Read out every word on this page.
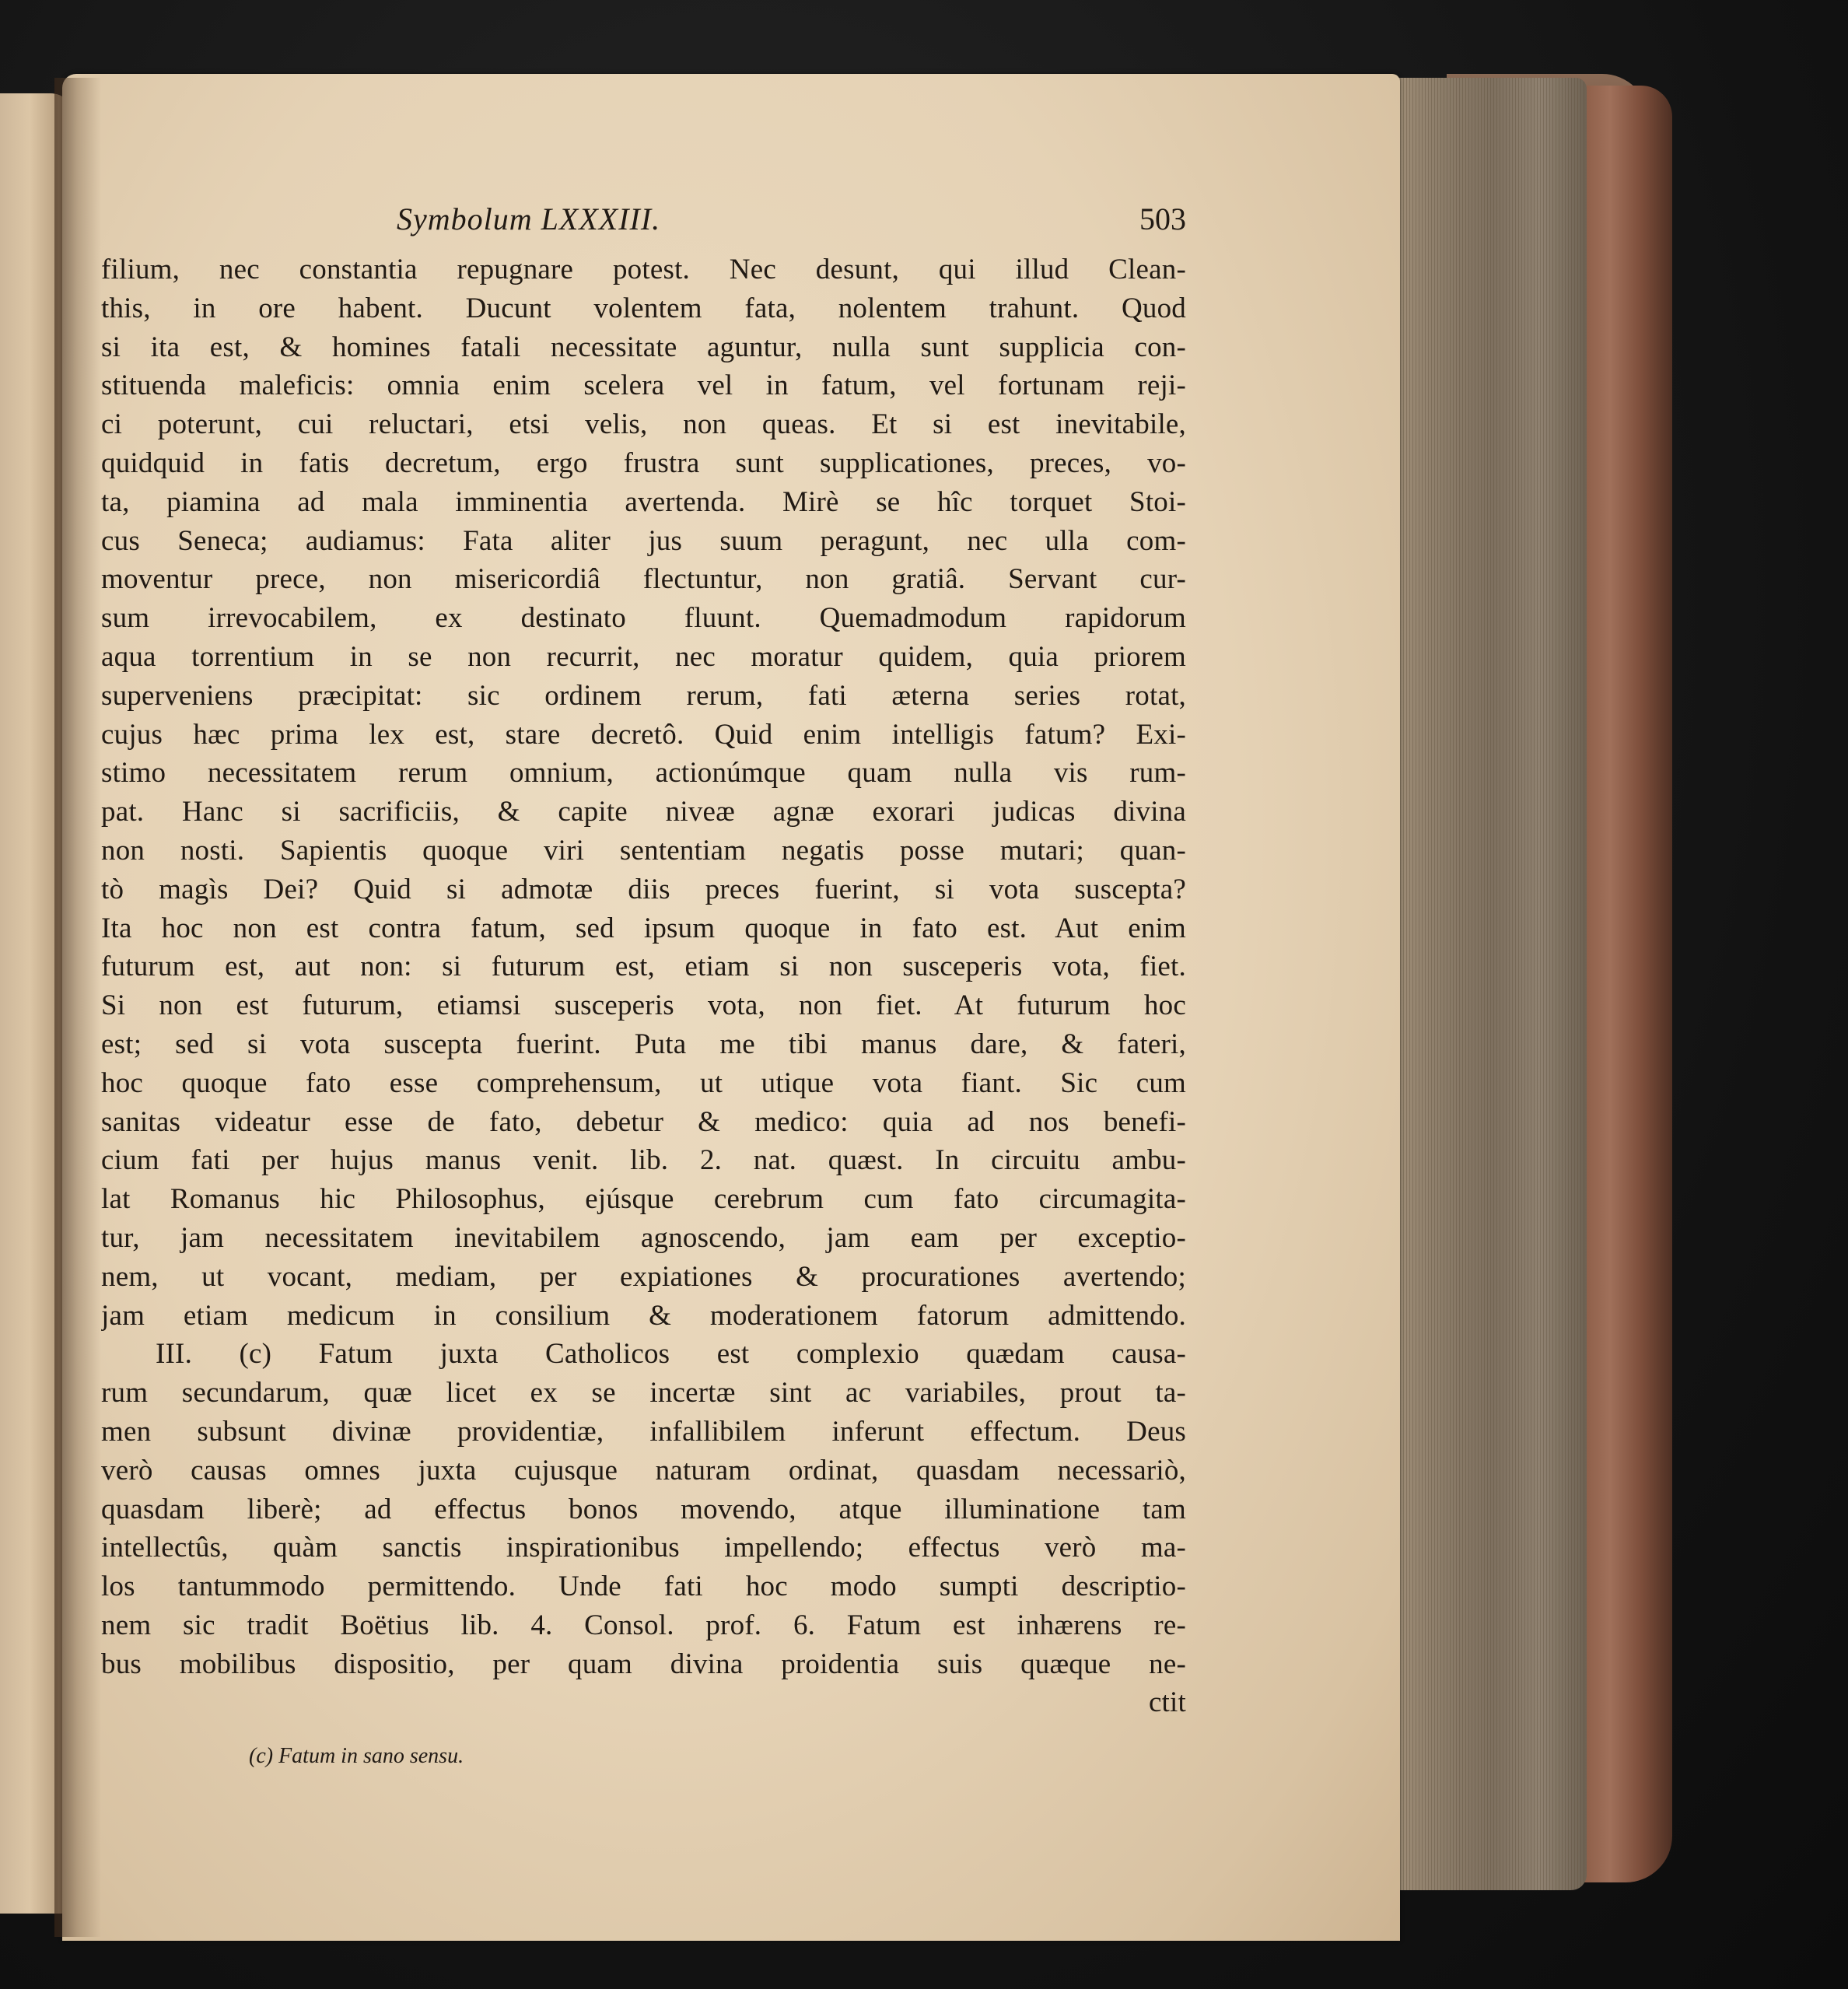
Symbolum LXXXIII.	503
filium, nec constantia repugnare potest. Nec desunt, qui illud Clean-
this, in ore habent. Ducunt volentem fata, nolentem trahunt. Quod
si ita est, & homines fatali necessitate aguntur, nulla sunt supplicia con-
stituenda maleficis: omnia enim scelera vel in fatum, vel fortunam reji-
ci poterunt, cui reluctari, etsi velis, non queas. Et si est inevitabile,
quidquid in fatis decretum, ergo frustra sunt supplicationes, preces, vo-
ta, piamina ad mala imminentia avertenda. Mirè se hîc torquet Stoi-
cus Seneca; audiamus: Fata aliter jus suum peragunt, nec ulla com-
moventur prece, non misericordiâ flectuntur, non gratiâ. Servant cur-
sum irrevocabilem, ex destinato fluunt. Quemadmodum rapidorum
aqua torrentium in se non recurrit, nec moratur quidem, quia priorem
superveniens præcipitat: sic ordinem rerum, fati æterna series rotat,
cujus hæc prima lex est, stare decretô. Quid enim intelligis fatum? Exi-
stimo necessitatem rerum omnium, actionúmque quam nulla vis rum-
pat. Hanc si sacrificiis, & capite niveæ agnæ exorari judicas divina
non nosti. Sapientis quoque viri sententiam negatis posse mutari; quan-
tò magìs Dei? Quid si admotæ diis preces fuerint, si vota suscepta?
Ita hoc non est contra fatum, sed ipsum quoque in fato est. Aut enim
futurum est, aut non: si futurum est, etiam si non susceperis vota, fiet.
Si non est futurum, etiamsi susceperis vota, non fiet. At futurum hoc
est; sed si vota suscepta fuerint. Puta me tibi manus dare, & fateri,
hoc quoque fato esse comprehensum, ut utique vota fiant. Sic cum
sanitas videatur esse de fato, debetur & medico: quia ad nos benefi-
cium fati per hujus manus venit. lib. 2. nat. quæst. In circuitu ambu-
lat Romanus hic Philosophus, ejúsque cerebrum cum fato circumagita-
tur, jam necessitatem inevitabilem agnoscendo, jam eam per exceptio-
nem, ut vocant, mediam, per expiationes & procurationes avertendo;
jam etiam medicum in consilium & moderationem fatorum admittendo.
III. (c) Fatum juxta Catholicos est complexio quædam causa-
rum secundarum, quæ licet ex se incertæ sint ac variabiles, prout ta-
men subsunt divinæ providentiæ, infallibilem inferunt effectum. Deus
verò causas omnes juxta cujusque naturam ordinat, quasdam necessariò,
quasdam liberè; ad effectus bonos movendo, atque illuminatione tam
intellectûs, quàm sanctis inspirationibus impellendo; effectus verò ma-
los tantummodo permittendo. Unde fati hoc modo sumpti descriptio-
nem sic tradit Boëtius lib. 4. Consol. prof. 6. Fatum est inhærens re-
bus mobilibus dispositio, per quam divina proidentia suis quæque ne-
ctit
(c) Fatum in sano sensu.
